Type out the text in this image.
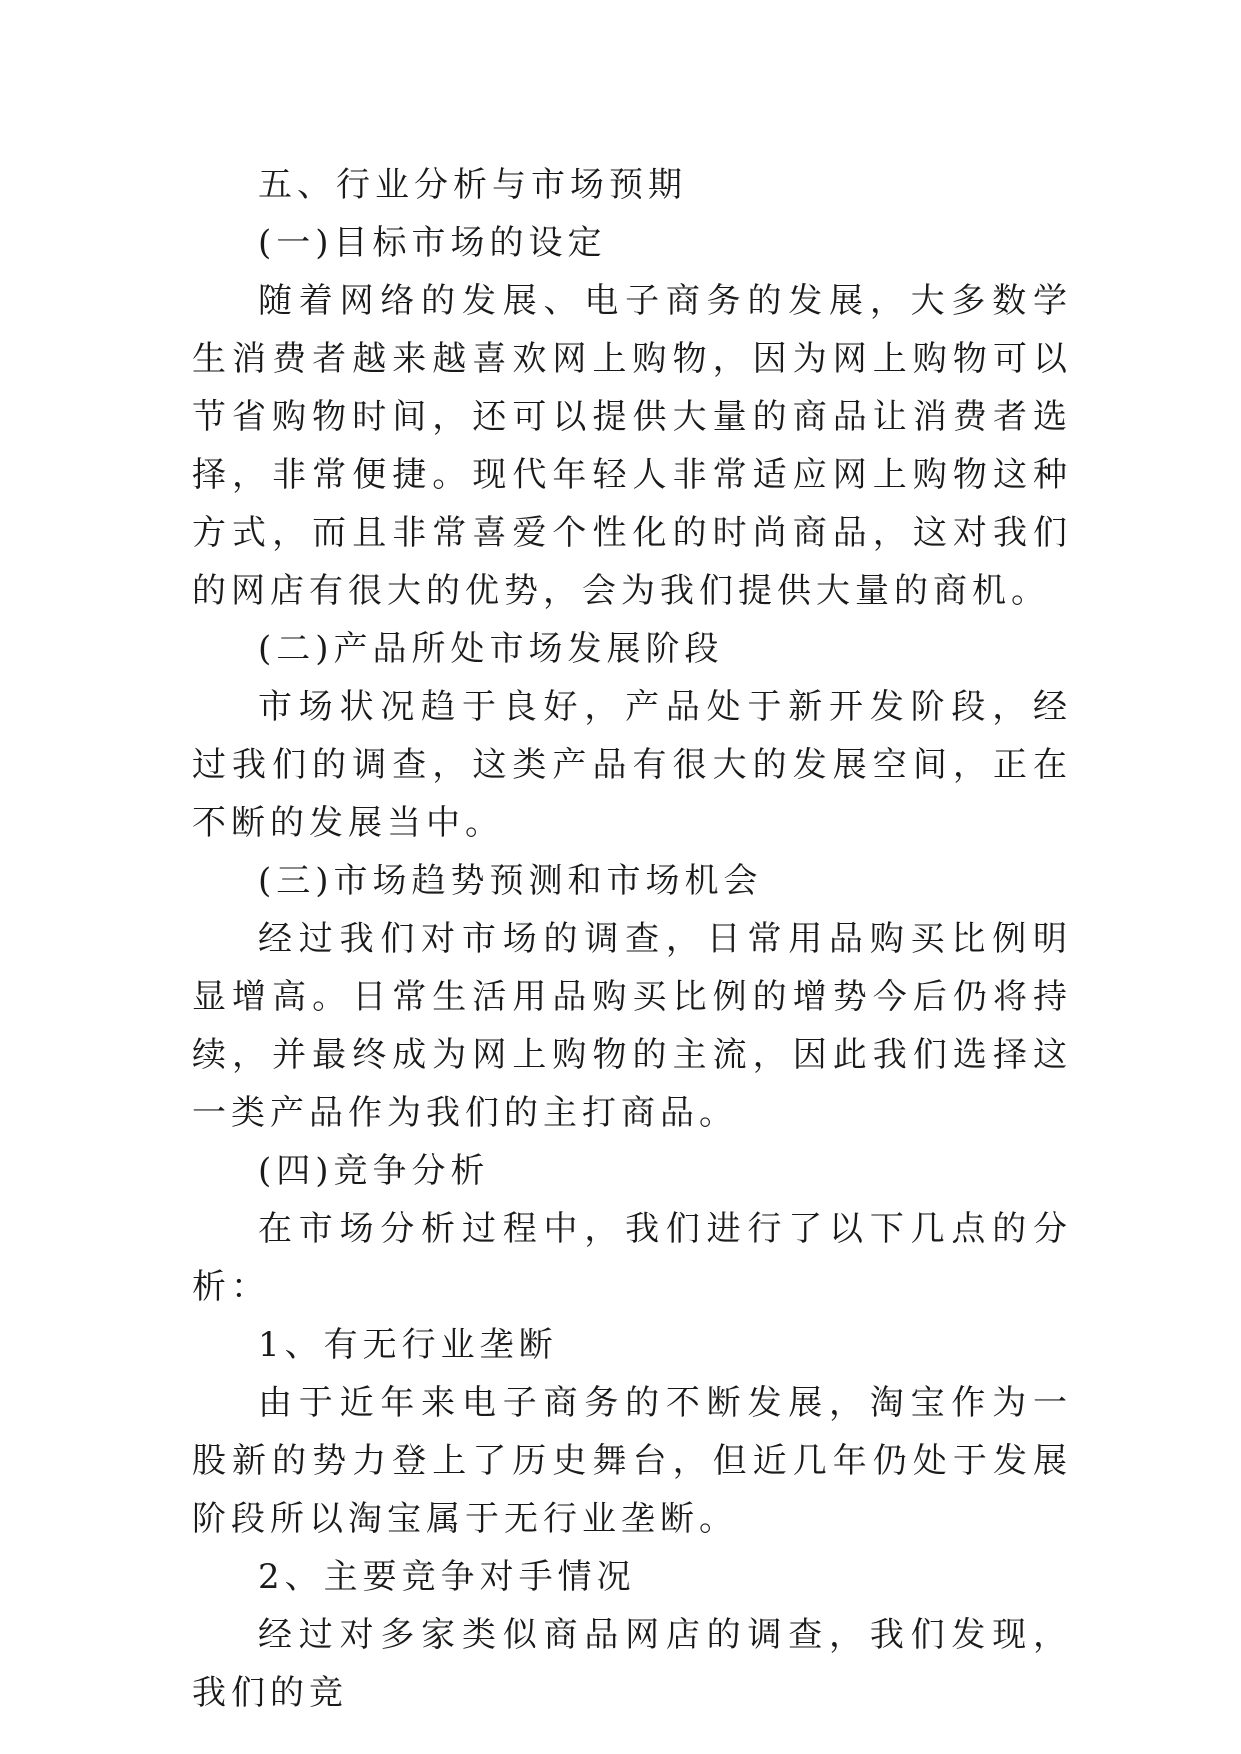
五、行业分析与市场预期

(一)目标市场的设定

随着网络的发展、电子商务的发展，大多数学生消费者越来越喜欢网上购物，因为网上购物可以节省购物时间，还可以提供大量的商品让消费者选择，非常便捷。现代年轻人非常适应网上购物这种方式，而且非常喜爱个性化的时尚商品，这对我们的网店有很大的优势，会为我们提供大量的商机。

(二)产品所处市场发展阶段

市场状况趋于良好，产品处于新开发阶段，经过我们的调查，这类产品有很大的发展空间，正在不断的发展当中。

(三)市场趋势预测和市场机会

经过我们对市场的调查，日常用品购买比例明显增高。日常生活用品购买比例的增势今后仍将持续，并最终成为网上购物的主流，因此我们选择这一类产品作为我们的主打商品。

(四)竞争分析

在市场分析过程中，我们进行了以下几点的分析：

1、有无行业垄断

由于近年来电子商务的不断发展，淘宝作为一股新的势力登上了历史舞台，但近几年仍处于发展阶段所以淘宝属于无行业垄断。

2、主要竞争对手情况

经过对多家类似商品网店的调查，我们发现，我们的竞
